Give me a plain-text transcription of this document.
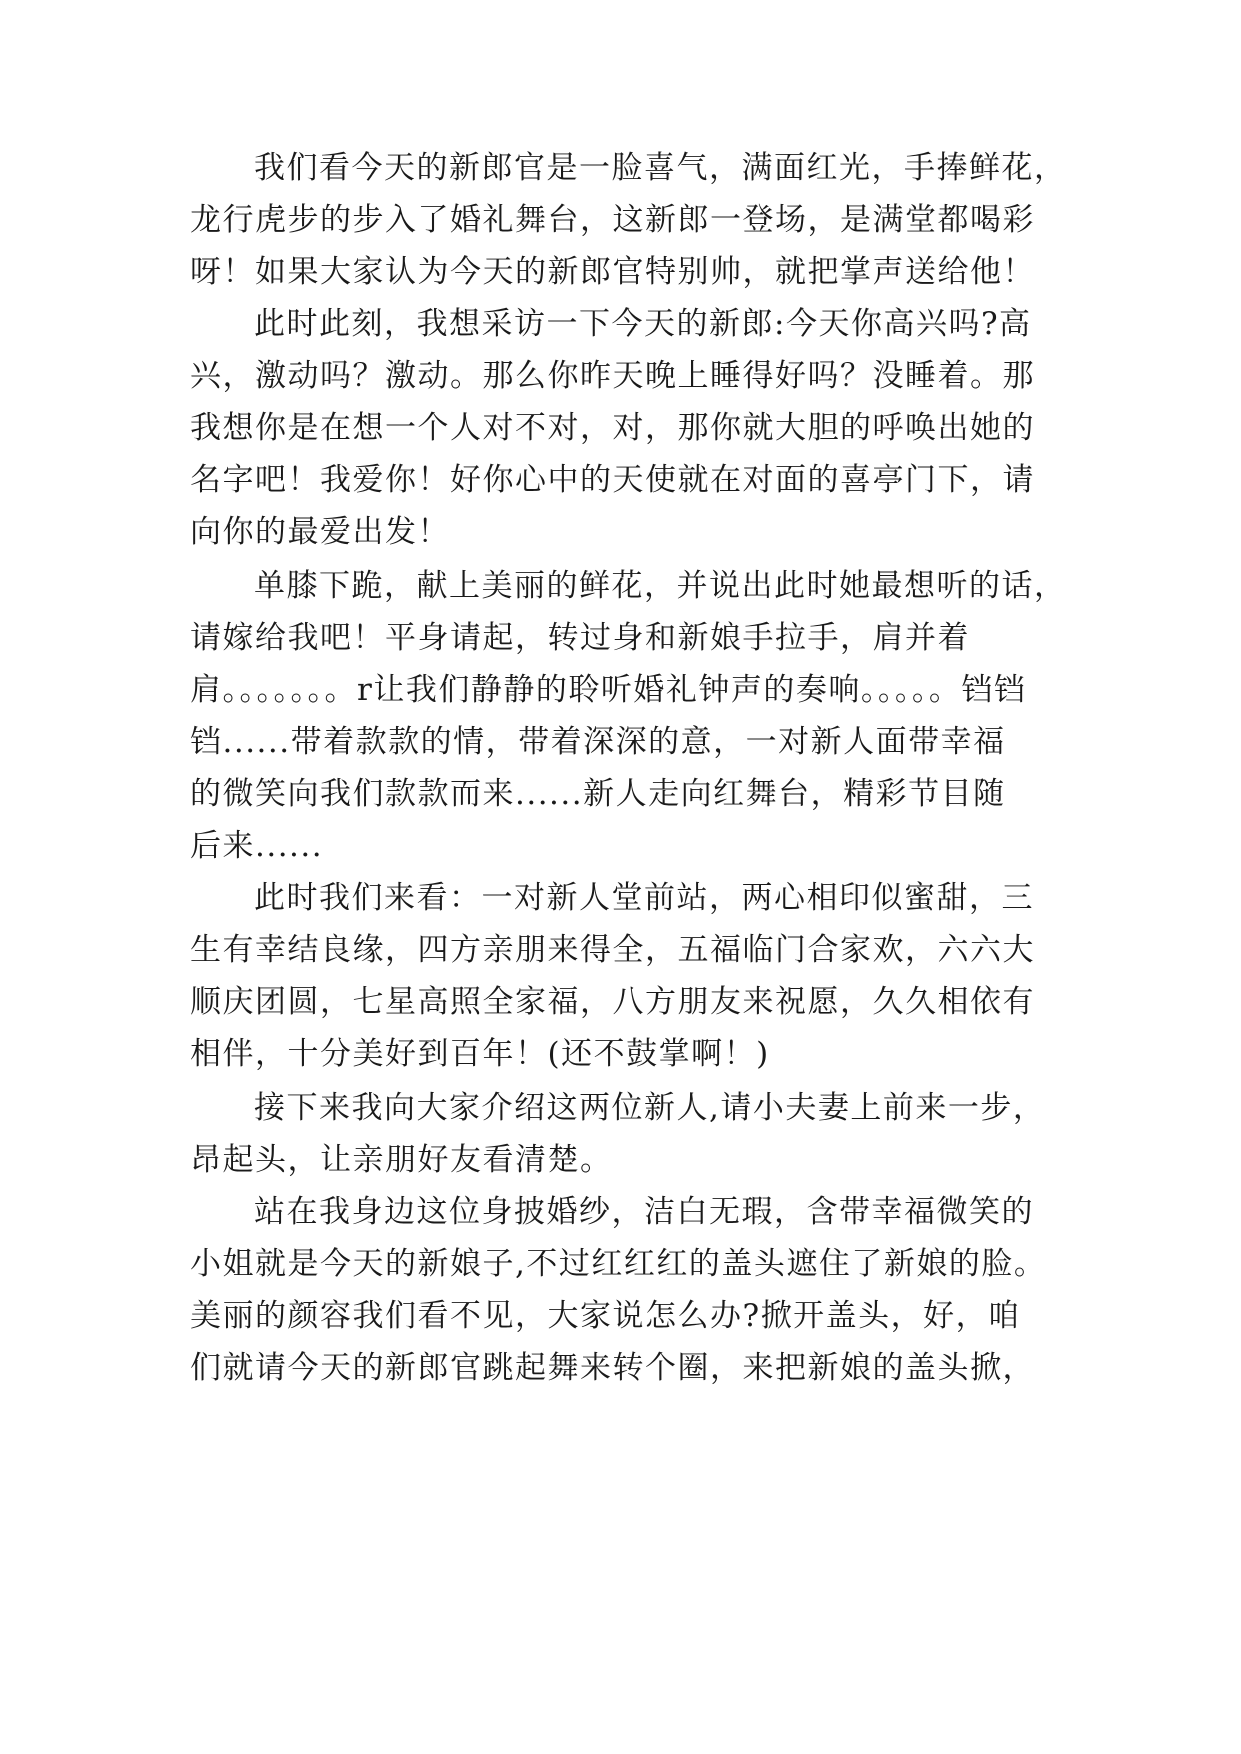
我们看今天的新郎官是一脸喜气，满面红光，手捧鲜花，
龙行虎步的步入了婚礼舞台，这新郎一登场，是满堂都喝彩
呀！如果大家认为今天的新郎官特别帅，就把掌声送给他！
此时此刻，我想采访一下今天的新郎:今天你高兴吗?高
兴，激动吗？激动。那么你昨天晚上睡得好吗？没睡着。那
我想你是在想一个人对不对，对，那你就大胆的呼唤出她的
名字吧！我爱你！好你心中的天使就在对面的喜亭门下，请
向你的最爱出发！
单膝下跪，献上美丽的鲜花，并说出此时她最想听的话，
请嫁给我吧！平身请起，转过身和新娘手拉手，肩并着
肩。。。。。。。r让我们静静的聆听婚礼钟声的奏响。。。。。铛铛
铛......带着款款的情，带着深深的意，一对新人面带幸福
的微笑向我们款款而来......新人走向红舞台，精彩节目随
后来......
此时我们来看：一对新人堂前站，两心相印似蜜甜，三
生有幸结良缘，四方亲朋来得全，五福临门合家欢，六六大
顺庆团圆，七星高照全家福，八方朋友来祝愿，久久相依有
相伴，十分美好到百年！(还不鼓掌啊！)
接下来我向大家介绍这两位新人,请小夫妻上前来一步，
昂起头，让亲朋好友看清楚。
站在我身边这位身披婚纱，洁白无瑕，含带幸福微笑的
小姐就是今天的新娘子,不过红红红的盖头遮住了新娘的脸。
美丽的颜容我们看不见，大家说怎么办?掀开盖头，好，咱
们就请今天的新郎官跳起舞来转个圈，来把新娘的盖头掀，
